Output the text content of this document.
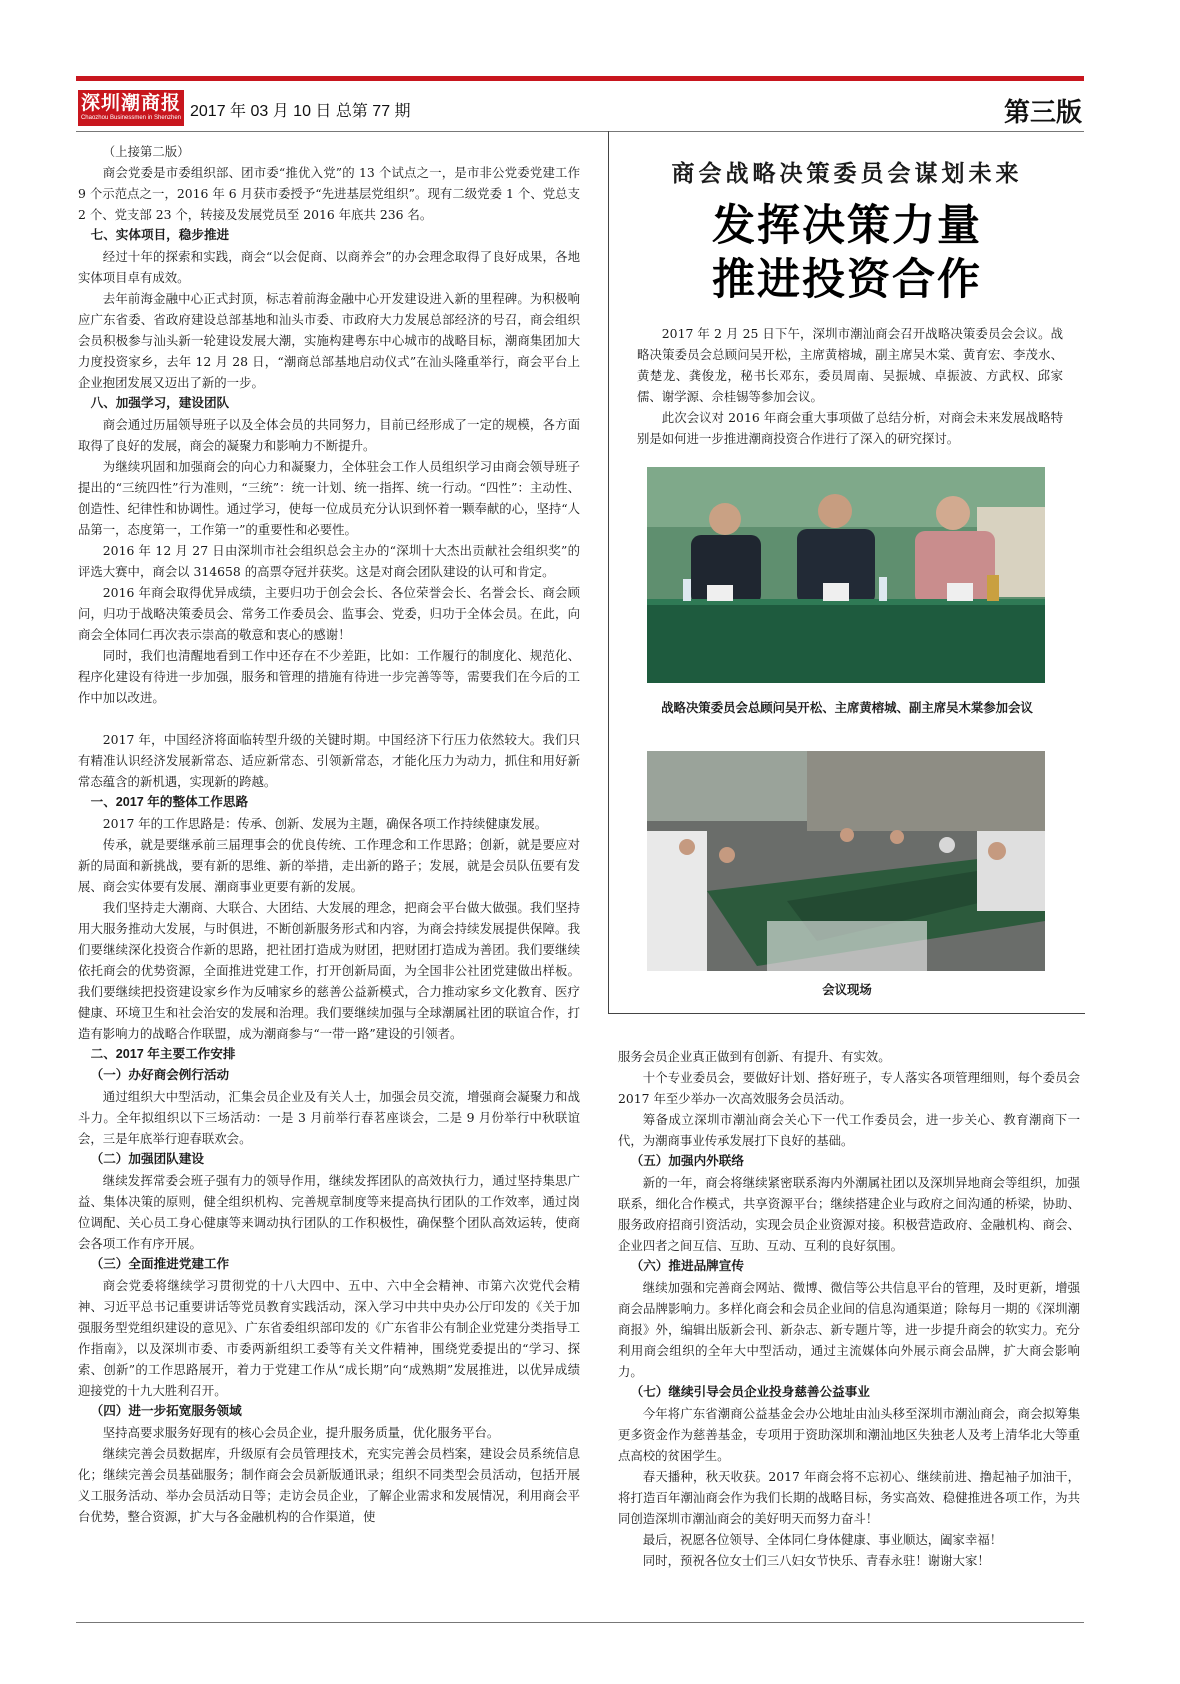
深圳潮商报
Chaozhou Businessmen in Shenzhen 2017 年 03 月 10 日 总第 77 期	第三版

（上接第二版）

商会党委是市委组织部、团市委“推优入党”的 13 个试点之一，是市非公党委党建工作 9 个示范点之一，2016 年 6 月获市委授予“先进基层党组织”。现有二级党委 1 个、党总支 2 个、党支部 23 个，转接及发展党员至 2016 年底共 236 名。

七、实体项目，稳步推进

经过十年的探索和实践，商会“以会促商、以商养会”的办会理念取得了良好成果，各地实体项目卓有成效。

去年前海金融中心正式封顶，标志着前海金融中心开发建设进入新的里程碑。为积极响应广东省委、省政府建设总部基地和汕头市委、市政府大力发展总部经济的号召，商会组织会员积极参与汕头新一轮建设发展大潮，实施构建粤东中心城市的战略目标，潮商集团加大力度投资家乡，去年 12 月 28 日，“潮商总部基地启动仪式”在汕头隆重举行，商会平台上企业抱团发展又迈出了新的一步。

八、加强学习，建设团队

商会通过历届领导班子以及全体会员的共同努力，目前已经形成了一定的规模，各方面取得了良好的发展，商会的凝聚力和影响力不断提升。

为继续巩固和加强商会的向心力和凝聚力，全体驻会工作人员组织学习由商会领导班子提出的“三统四性”行为准则，“三统”：统一计划、统一指挥、统一行动。“四性”：主动性、创造性、纪律性和协调性。通过学习，使每一位成员充分认识到怀着一颗奉献的心，坚持“人品第一，态度第一，工作第一”的重要性和必要性。

2016 年 12 月 27 日由深圳市社会组织总会主办的“深圳十大杰出贡献社会组织奖”的评选大赛中，商会以 314658 的高票夺冠并获奖。这是对商会团队建设的认可和肯定。

2016 年商会取得优异成绩，主要归功于创会会长、各位荣誉会长、名誉会长、商会顾问，归功于战略决策委员会、常务工作委员会、监事会、党委，归功于全体会员。在此，向商会全体同仁再次表示崇高的敬意和衷心的感谢！

同时，我们也清醒地看到工作中还存在不少差距，比如：工作履行的制度化、规范化、程序化建设有待进一步加强，服务和管理的措施有待进一步完善等等，需要我们在今后的工作中加以改进。

2017 年，中国经济将面临转型升级的关键时期。中国经济下行压力依然较大。我们只有精准认识经济发展新常态、适应新常态、引领新常态，才能化压力为动力，抓住和用好新常态蕴含的新机遇，实现新的跨越。

一、2017 年的整体工作思路

2017 年的工作思路是：传承、创新、发展为主题，确保各项工作持续健康发展。

传承，就是要继承前三届理事会的优良传统、工作理念和工作思路；创新，就是要应对新的局面和新挑战，要有新的思维、新的举措，走出新的路子；发展，就是会员队伍要有发展、商会实体要有发展、潮商事业更要有新的发展。

我们坚持走大潮商、大联合、大团结、大发展的理念，把商会平台做大做强。我们坚持用大服务推动大发展，与时俱进，不断创新服务形式和内容，为商会持续发展提供保障。我们要继续深化投资合作新的思路，把社团打造成为财团，把财团打造成为善团。我们要继续依托商会的优势资源，全面推进党建工作，打开创新局面，为全国非公社团党建做出样板。我们要继续把投资建设家乡作为反哺家乡的慈善公益新模式，合力推动家乡文化教育、医疗健康、环境卫生和社会治安的发展和治理。我们要继续加强与全球潮属社团的联谊合作，打造有影响力的战略合作联盟，成为潮商参与“一带一路”建设的引领者。

二、2017 年主要工作安排

（一）办好商会例行活动

通过组织大中型活动，汇集会员企业及有关人士，加强会员交流，增强商会凝聚力和战斗力。全年拟组织以下三场活动：一是 3 月前举行春茗座谈会，二是 9 月份举行中秋联谊会，三是年底举行迎春联欢会。

（二）加强团队建设

继续发挥常委会班子强有力的领导作用，继续发挥团队的高效执行力，通过坚持集思广益、集体决策的原则，健全组织机构、完善规章制度等来提高执行团队的工作效率，通过岗位调配、关心员工身心健康等来调动执行团队的工作积极性，确保整个团队高效运转，使商会各项工作有序开展。

（三）全面推进党建工作

商会党委将继续学习贯彻党的十八大四中、五中、六中全会精神、市第六次党代会精神、习近平总书记重要讲话等党员教育实践活动，深入学习中共中央办公厅印发的《关于加强服务型党组织建设的意见》、广东省委组织部印发的《广东省非公有制企业党建分类指导工作指南》，以及深圳市委、市委两新组织工委等有关文件精神，围绕党委提出的“学习、探索、创新”的工作思路展开，着力于党建工作从“成长期”向“成熟期”发展推进，以优异成绩迎接党的十九大胜利召开。

（四）进一步拓宽服务领域

坚持高要求服务好现有的核心会员企业，提升服务质量，优化服务平台。

继续完善会员数据库，升级原有会员管理技术，充实完善会员档案，建设会员系统信息化；继续完善会员基础服务；制作商会会员新版通讯录；组织不同类型会员活动，包括开展义工服务活动、举办会员活动日等；走访会员企业，了解企业需求和发展情况，利用商会平台优势，整合资源，扩大与各金融机构的合作渠道，使

商会战略决策委员会谋划未来
发挥决策力量
推进投资合作

2017 年 2 月 25 日下午，深圳市潮汕商会召开战略决策委员会会议。战略决策委员会总顾问吴开松，主席黄榕城，副主席吴木棠、黄育宏、李茂水、黄楚龙、龚俊龙，秘书长邓东，委员周南、吴振城、卓振波、方武权、邱家儒、谢学源、佘桂锡等参加会议。

此次会议对 2016 年商会重大事项做了总结分析，对商会未来发展战略特别是如何进一步推进潮商投资合作进行了深入的研究探讨。

战略决策委员会总顾问吴开松、主席黄榕城、副主席吴木棠参加会议
会议现场

服务会员企业真正做到有创新、有提升、有实效。

十个专业委员会，要做好计划、搭好班子，专人落实各项管理细则，每个委员会 2017 年至少举办一次高效服务会员活动。

筹备成立深圳市潮汕商会关心下一代工作委员会，进一步关心、教育潮商下一代，为潮商事业传承发展打下良好的基础。

（五）加强内外联络

新的一年，商会将继续紧密联系海内外潮属社团以及深圳异地商会等组织，加强联系，细化合作模式，共享资源平台；继续搭建企业与政府之间沟通的桥梁，协助、服务政府招商引资活动，实现会员企业资源对接。积极营造政府、金融机构、商会、企业四者之间互信、互助、互动、互利的良好氛围。

（六）推进品牌宣传

继续加强和完善商会网站、微博、微信等公共信息平台的管理，及时更新，增强商会品牌影响力。多样化商会和会员企业间的信息沟通渠道；除每月一期的《深圳潮商报》外，编辑出版新会刊、新杂志、新专题片等，进一步提升商会的软实力。充分利用商会组织的全年大中型活动，通过主流媒体向外展示商会品牌，扩大商会影响力。

（七）继续引导会员企业投身慈善公益事业

今年将广东省潮商公益基金会办公地址由汕头移至深圳市潮汕商会，商会拟筹集更多资金作为慈善基金，专项用于资助深圳和潮汕地区失独老人及考上清华北大等重点高校的贫困学生。

春天播种，秋天收获。2017 年商会将不忘初心、继续前进、撸起袖子加油干，将打造百年潮汕商会作为我们长期的战略目标，务实高效、稳健推进各项工作，为共同创造深圳市潮汕商会的美好明天而努力奋斗！

最后，祝愿各位领导、全体同仁身体健康、事业顺达，阖家幸福！

同时，预祝各位女士们三八妇女节快乐、青春永驻！谢谢大家！
